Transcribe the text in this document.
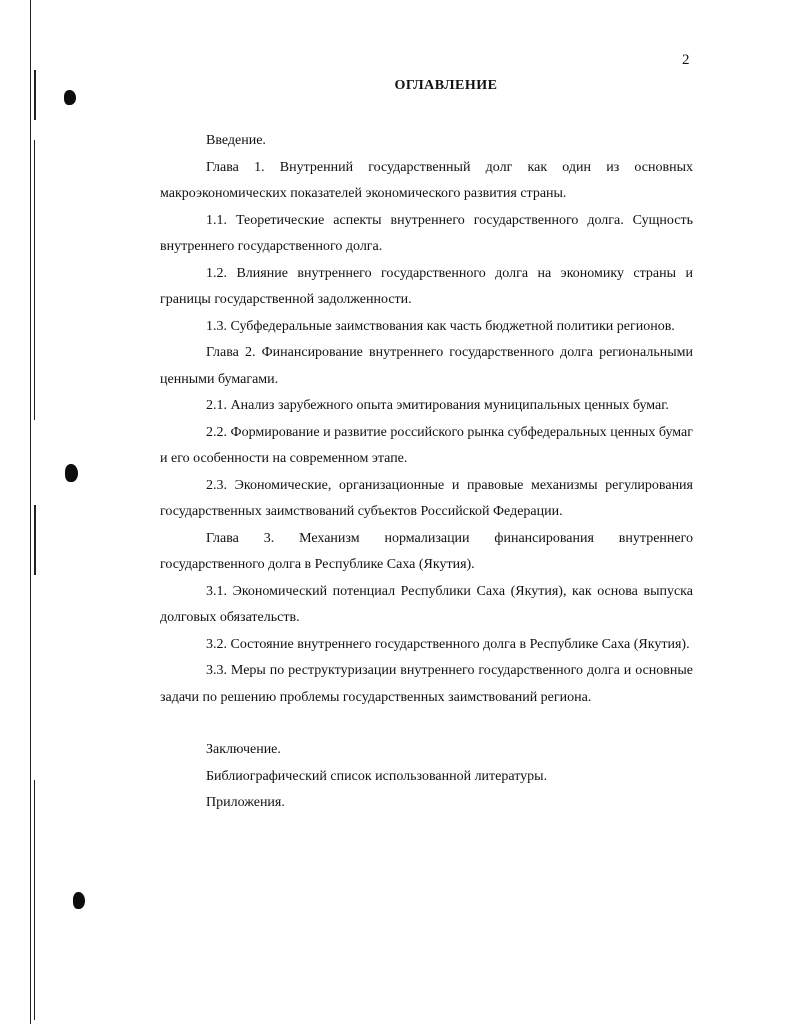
2
ОГЛАВЛЕНИЕ

Введение.

Глава 1. Внутренний государственный долг как один из основных макроэкономических показателей экономического развития страны.

1.1. Теоретические аспекты внутреннего государственного долга. Сущность внутреннего государственного долга.

1.2. Влияние внутреннего государственного долга на экономику страны и границы государственной задолженности.

1.3. Субфедеральные заимствования как часть бюджетной политики регионов.

Глава 2. Финансирование внутреннего государственного долга региональными ценными бумагами.

2.1. Анализ зарубежного опыта эмитирования муниципальных ценных бумаг.

2.2. Формирование и развитие российского рынка субфедеральных ценных бумаг и его особенности на современном этапе.

2.3. Экономические, организационные и правовые механизмы регулирования государственных заимствований субъектов Российской Федерации.

Глава 3. Механизм нормализации финансирования внутреннего государственного долга в Республике Саха (Якутия).

3.1. Экономический потенциал Республики Саха (Якутия), как основа выпуска долговых обязательств.

3.2. Состояние внутреннего государственного долга в Республике Саха (Якутия).

3.3. Меры по реструктуризации внутреннего государственного долга и основные задачи по решению проблемы государственных заимствований региона.

Заключение.

Библиографический список использованной литературы.

Приложения.
